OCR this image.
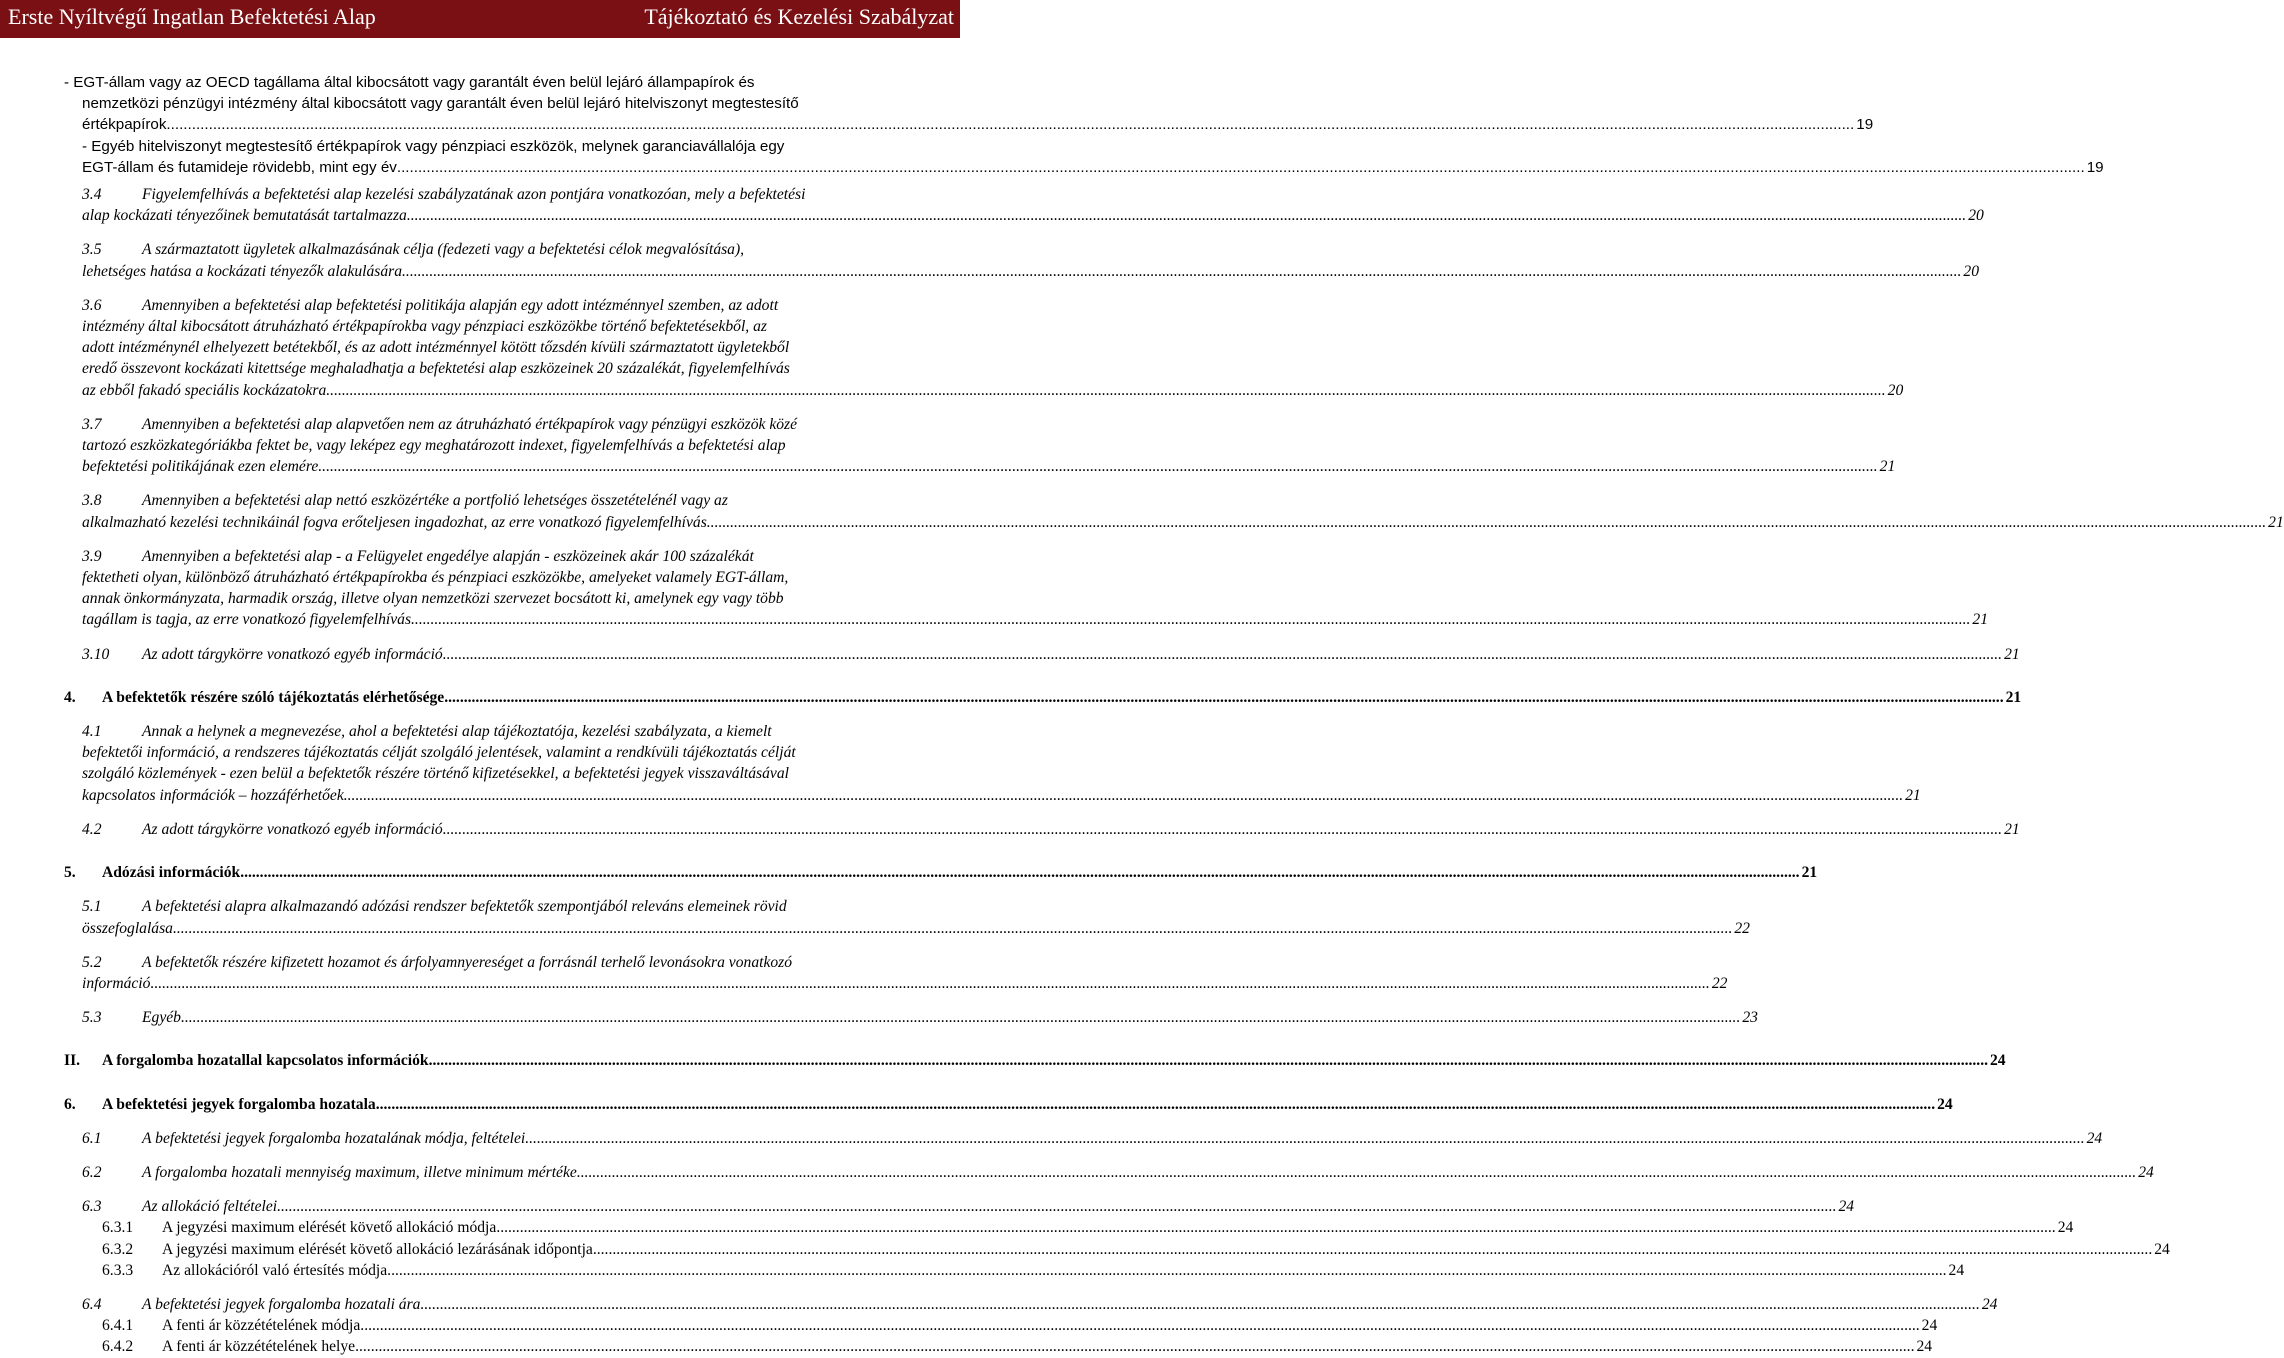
Erste Nyíltvégű Ingatlan Befektetési Alap	Tájékoztató és Kezelési Szabályzat
- EGT-állam vagy az OECD tagállama által kibocsátott vagy garantált éven belül lejáró állampapírok és
nemzetközi pénzügyi intézmény által kibocsátott vagy garantált éven belül lejáró hitelviszonyt megtestesítő
értékpapírok ................................................................................................................................................................................................................................................................................................................................................................................................................ 19
- Egyéb hitelviszonyt megtestesítő értékpapírok vagy pénzpiaci eszközök, melynek garanciavállalója egy
EGT-állam és futamideje rövidebb, mint egy év ................................................................................................................................................................................................................................................................................................................................................................................................................ 19
3.4	Figyelemfelhívás a befektetési alap kezelési szabályzatának azon pontjára vonatkozóan, mely a befektetési
alap kockázati tényezőinek bemutatását tartalmazza ................................................................................................................................................................................................................................................................................................................................................................................................................ 20
3.5	A származtatott ügyletek alkalmazásának célja (fedezeti vagy a befektetési célok megvalósítása),
lehetséges hatása a kockázati tényezők alakulására ................................................................................................................................................................................................................................................................................................................................................................................................................ 20
3.6	Amennyiben a befektetési alap befektetési politikája alapján egy adott intézménnyel szemben, az adott
intézmény által kibocsátott átruházható értékpapírokba vagy pénzpiaci eszközökbe történő befektetésekből, az
adott intézménynél elhelyezett betétekből, és az adott intézménnyel kötött tőzsdén kívüli származtatott ügyletekből
eredő összevont kockázati kitettsége meghaladhatja a befektetési alap eszközeinek 20 százalékát, figyelemfelhívás
az ebből fakadó speciális kockázatokra ................................................................................................................................................................................................................................................................................................................................................................................................................ 20
3.7	Amennyiben a befektetési alap alapvetően nem az átruházható értékpapírok vagy pénzügyi eszközök közé
tartozó eszközkategóriákba fektet be, vagy leképez egy meghatározott indexet, figyelemfelhívás a befektetési alap
befektetési politikájának ezen elemére ................................................................................................................................................................................................................................................................................................................................................................................................................ 21
3.8	Amennyiben a befektetési alap nettó eszközértéke a portfolió lehetséges összetételénél vagy az
alkalmazható kezelési technikáinál fogva erőteljesen ingadozhat, az erre vonatkozó figyelemfelhívás ................................................................................................................................................................................................................................................................................................................................................................................................................ 21
3.9	Amennyiben a befektetési alap - a Felügyelet engedélye alapján - eszközeinek akár 100 százalékát
fektetheti olyan, különböző átruházható értékpapírokba és pénzpiaci eszközökbe, amelyeket valamely EGT-állam,
annak önkormányzata, harmadik ország, illetve olyan nemzetközi szervezet bocsátott ki, amelynek egy vagy több
tagállam is tagja, az erre vonatkozó figyelemfelhívás ................................................................................................................................................................................................................................................................................................................................................................................................................ 21
3.10 Az adott tárgykörre vonatkozó egyéb információ ................................................................................................................................................................................................................................................................................................................................................................................................................ 21
4. A befektetők részére szóló tájékoztatás elérhetősége ................................................................................................................................................................................................................................................................................................................................................................................................................ 21
4.1	Annak a helynek a megnevezése, ahol a befektetési alap tájékoztatója, kezelési szabályzata, a kiemelt
befektetői információ, a rendszeres tájékoztatás célját szolgáló jelentések, valamint a rendkívüli tájékoztatás célját
szolgáló közlemények - ezen belül a befektetők részére történő kifizetésekkel, a befektetési jegyek visszaváltásával
kapcsolatos információk – hozzáférhetőek ................................................................................................................................................................................................................................................................................................................................................................................................................ 21
4.2	Az adott tárgykörre vonatkozó egyéb információ ................................................................................................................................................................................................................................................................................................................................................................................................................ 21
5. Adózási információk ................................................................................................................................................................................................................................................................................................................................................................................................................ 21
5.1	A befektetési alapra alkalmazandó adózási rendszer befektetők szempontjából releváns elemeinek rövid
összefoglalása ................................................................................................................................................................................................................................................................................................................................................................................................................ 22
5.2	A befektetők részére kifizetett hozamot és árfolyamnyereséget a forrásnál terhelő levonásokra vonatkozó
információ ................................................................................................................................................................................................................................................................................................................................................................................................................ 22
5.3	Egyéb ................................................................................................................................................................................................................................................................................................................................................................................................................ 23
II. A forgalomba hozatallal kapcsolatos információk ................................................................................................................................................................................................................................................................................................................................................................................................................ 24
6. A befektetési jegyek forgalomba hozatala ................................................................................................................................................................................................................................................................................................................................................................................................................ 24
6.1	A befektetési jegyek forgalomba hozatalának módja, feltételei ................................................................................................................................................................................................................................................................................................................................................................................................................ 24
6.2	A forgalomba hozatali mennyiség maximum, illetve minimum mértéke ................................................................................................................................................................................................................................................................................................................................................................................................................ 24
6.3	Az allokáció feltételei ................................................................................................................................................................................................................................................................................................................................................................................................................ 24
6.3.1 A jegyzési maximum elérését követő allokáció módja ................................................................................................................................................................................................................................................................................................................................................................................................................ 24
6.3.2 A jegyzési maximum elérését követő allokáció lezárásának időpontja ................................................................................................................................................................................................................................................................................................................................................................................................................ 24
6.3.3 Az allokációról való értesítés módja ................................................................................................................................................................................................................................................................................................................................................................................................................ 24
6.4	A befektetési jegyek forgalomba hozatali ára ................................................................................................................................................................................................................................................................................................................................................................................................................ 24
6.4.1 A fenti ár közzétételének módja ................................................................................................................................................................................................................................................................................................................................................................................................................ 24
6.4.2 A fenti ár közzétételének helye ................................................................................................................................................................................................................................................................................................................................................................................................................ 24
